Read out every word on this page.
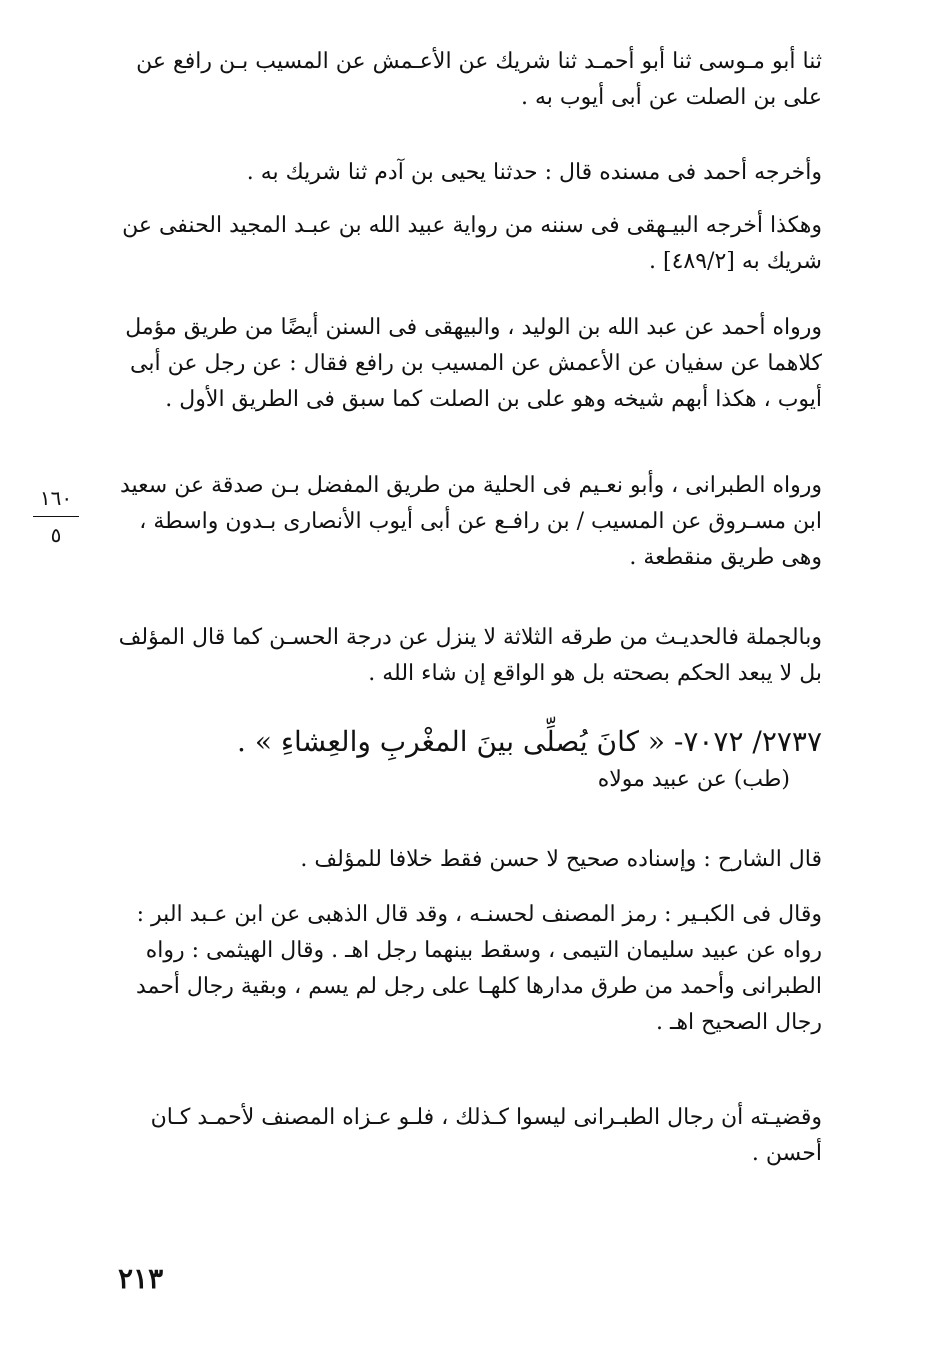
ثنا أبو مـوسى ثنا أبو أحمـد ثنا شريك عن الأعـمش عن المسيب بـن رافع عن
على بن الصلت عن أبى أيوب به .
وأخرجه أحمد فى مسنده قال : حدثنا يحيى بن آدم ثنا شريك به .
وهكذا أخرجه البيـهقى فى سننه من رواية عبيد الله بن عبـد المجيد الحنفى عن
شريك به [٤٨٩/٢] .
ورواه أحمد عن عبد الله بن الوليد ، والبيهقى فى السنن أيضًا من طريق مؤمل
كلاهما عن سفيان عن الأعمش عن المسيب بن رافع فقال : عن رجل عن أبى
أيوب ، هكذا أبهم شيخه وهو على بن الصلت كما سبق فى الطريق الأول .
ورواه الطبرانى ، وأبو نعـيم فى الحلية من طريق المفضل بـن صدقة عن سعيد
ابن مسـروق عن المسيب / بن رافـع عن أبى أيوب الأنصارى بـدون واسطة ،
وهى طريق منقطعة .
وبالجملة فالحديـث من طرقه الثلاثة لا ينزل عن درجة الحسـن كما قال المؤلف
بل لا يبعد الحكم بصحته بل هو الواقع إن شاء الله .
٢٧٣٧/ ٧٠٧٢- « كانَ يُصلِّى بينَ المغْربِ والعِشاءِ » .
(طب) عن عبيد مولاه
قال الشارح : وإسناده صحيح لا حسن فقط خلافا للمؤلف .
وقال فى الكبـير : رمز المصنف لحسنـه ، وقد قال الذهبى عن ابن عـبد البر :
رواه عن عبيد سليمان التيمى ، وسقط بينهما رجل اهـ . وقال الهيثمى : رواه
الطبرانى وأحمد من طرق مدارها كلهـا على رجل لم يسم ، وبقية رجال أحمد
رجال الصحيح اهـ .
وقضيـته أن رجال الطبـرانى ليسوا كـذلك ، فلـو عـزاه المصنف لأحمـد كـان
أحسن .
١٦٠
٥
٢١٣
